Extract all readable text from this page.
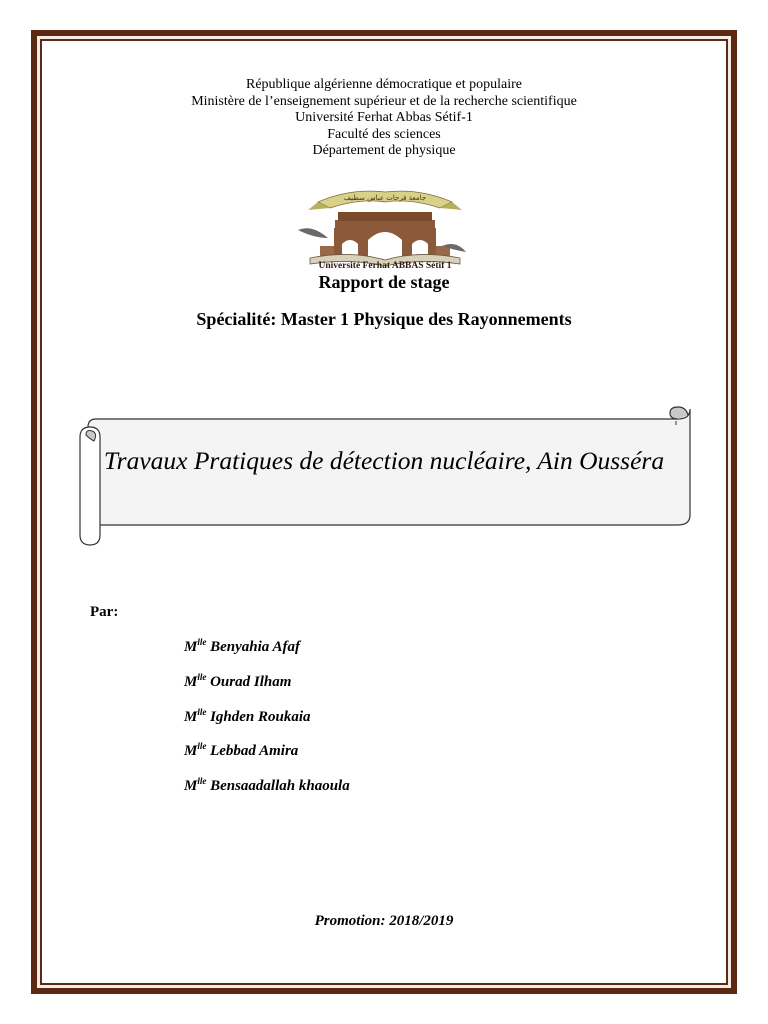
République algérienne démocratique et populaire
Ministère de l’enseignement supérieur et de la recherche scientifique
Université Ferhat Abbas Sétif-1
Faculté des sciences
Département de physique
جامعة فرحات عباس سطيف
Université Ferhat ABBAS Sétif 1
Rapport de stage
Spécialité: Master 1 Physique des Rayonnements
Travaux Pratiques de détection nucléaire, Ain Ousséra
Par:
$M^{lle}$ Benyahia Afaf
$M^{lle}$ Ourad Ilham
$M^{lle}$ Ighden Roukaia
$M^{lle}$ Lebbad Amira
$M^{lle}$ Bensaadallah khaoula
Promotion: 2018/2019
